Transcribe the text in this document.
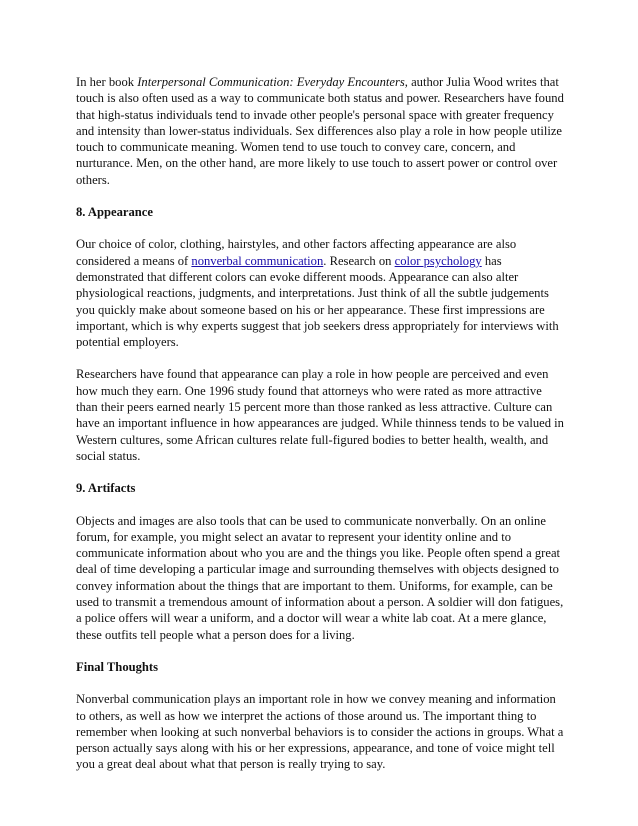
In her book Interpersonal Communication: Everyday Encounters, author Julia Wood writes that touch is also often used as a way to communicate both status and power. Researchers have found that high-status individuals tend to invade other people's personal space with greater frequency and intensity than lower-status individuals. Sex differences also play a role in how people utilize touch to communicate meaning. Women tend to use touch to convey care, concern, and nurturance. Men, on the other hand, are more likely to use touch to assert power or control over others.

8. Appearance

Our choice of color, clothing, hairstyles, and other factors affecting appearance are also considered a means of nonverbal communication. Research on color psychology has demonstrated that different colors can evoke different moods. Appearance can also alter physiological reactions, judgments, and interpretations. Just think of all the subtle judgements you quickly make about someone based on his or her appearance. These first impressions are important, which is why experts suggest that job seekers dress appropriately for interviews with potential employers.

Researchers have found that appearance can play a role in how people are perceived and even how much they earn. One 1996 study found that attorneys who were rated as more attractive than their peers earned nearly 15 percent more than those ranked as less attractive. Culture can have an important influence in how appearances are judged. While thinness tends to be valued in Western cultures, some African cultures relate full-figured bodies to better health, wealth, and social status.

9. Artifacts

Objects and images are also tools that can be used to communicate nonverbally. On an online forum, for example, you might select an avatar to represent your identity online and to communicate information about who you are and the things you like. People often spend a great deal of time developing a particular image and surrounding themselves with objects designed to convey information about the things that are important to them. Uniforms, for example, can be used to transmit a tremendous amount of information about a person. A soldier will don fatigues, a police offers will wear a uniform, and a doctor will wear a white lab coat. At a mere glance, these outfits tell people what a person does for a living.

Final Thoughts

Nonverbal communication plays an important role in how we convey meaning and information to others, as well as how we interpret the actions of those around us. The important thing to remember when looking at such nonverbal behaviors is to consider the actions in groups. What a person actually says along with his or her expressions, appearance, and tone of voice might tell you a great deal about what that person is really trying to say.
